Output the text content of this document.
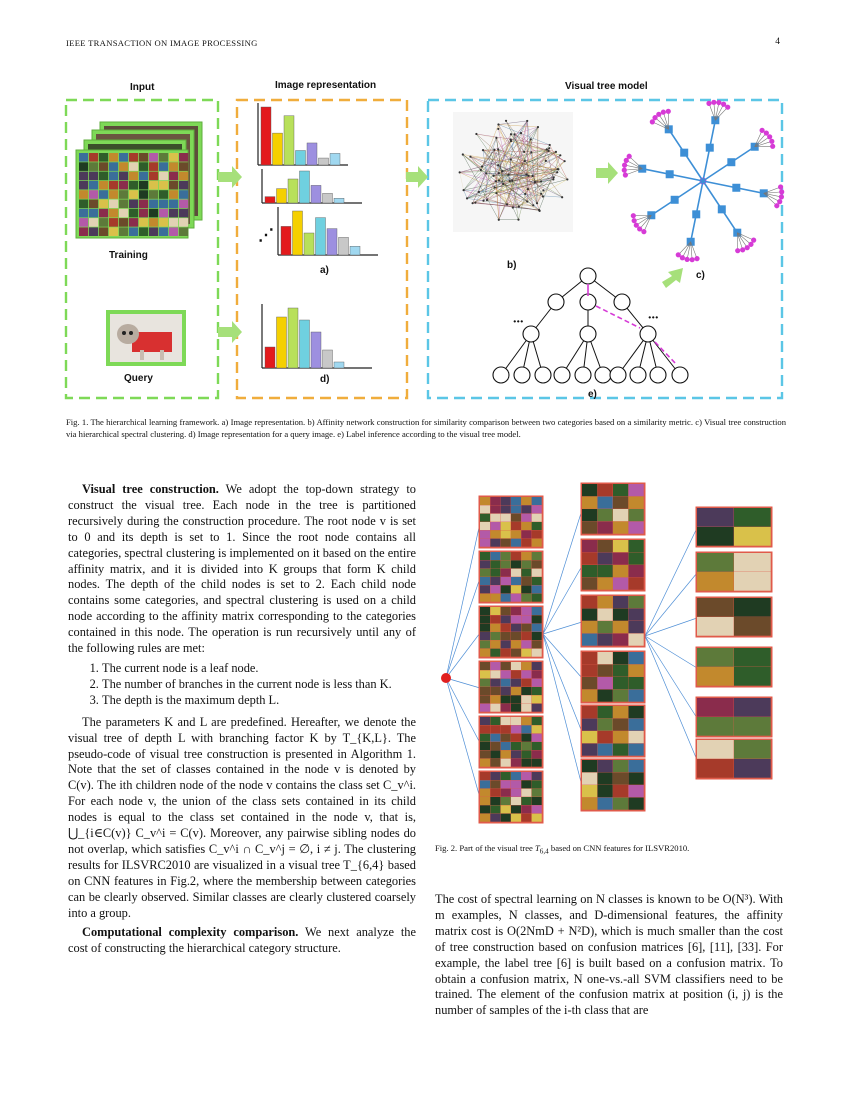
IEEE TRANSACTION ON IMAGE PROCESSING	4
⋰
∙∙∙	∙∙∙
Input	Image representation	Visual tree model
Training
Query
a)	b)
c)
d)
e)
Fig. 1. The hierarchical learning framework. a) Image representation. b) Affinity network construction for similarity comparison between two categories based on a similarity metric. c) Visual tree construction via hierarchical spectral clustering. d) Image representation for a query image. e) Label inference according to the visual tree model.
Fig. 2. Part of the visual tree $T_{6,4}$ based on CNN features for ILSVR2010.

Visual tree construction. We adopt the top-down strategy to construct the visual tree. Each node in the tree is partitioned recursively during the construction procedure. The root node v is set to 0 and its depth is set to 1. Since the root node contains all categories, spectral clustering is implemented on it based on the entire affinity matrix, and it is divided into K groups that form K child nodes. The depth of the child nodes is set to 2. Each child node contains some categories, and spectral clustering is used on a child node according to the affinity matrix corresponding to the categories contained in this node. The operation is run recursively until any of the following rules are met:

1. The current node is a leaf node.
2. The number of branches in the current node is less than K.
3. The depth is the maximum depth L.

The parameters K and L are predefined. Hereafter, we denote the visual tree of depth L with branching factor K by T_{K,L}. The pseudo-code of visual tree construction is presented in Algorithm 1. Note that the set of classes contained in the node v is denoted by C(v). The ith children node of the node v contains the class set C_v^i. For each node v, the union of the class sets contained in its child nodes is equal to the class set contained in the node v, that is, ⋃_{i∈C(v)} C_v^i = C(v). Moreover, any pairwise sibling nodes do not overlap, which satisfies C_v^i ∩ C_v^j = ∅, i ≠ j. The clustering results for ILSVRC2010 are visualized in a visual tree T_{6,4} based on CNN features in Fig.2, where the membership between categories can be clearly observed. Similar classes are clearly clustered coarsely into a group.

Computational complexity comparison. We next analyze the cost of constructing the hierarchical category structure.

The cost of spectral learning on N classes is known to be O(N³). With m examples, N classes, and D-dimensional features, the affinity matrix cost is O(2NmD + N²D), which is much smaller than the cost of tree construction based on confusion matrices [6], [11], [33]. For example, the label tree [6] is built based on a confusion matrix. To obtain a confusion matrix, N one-vs.-all SVM classifiers need to be trained. The element of the confusion matrix at position (i, j) is the number of samples of the i-th class that are
